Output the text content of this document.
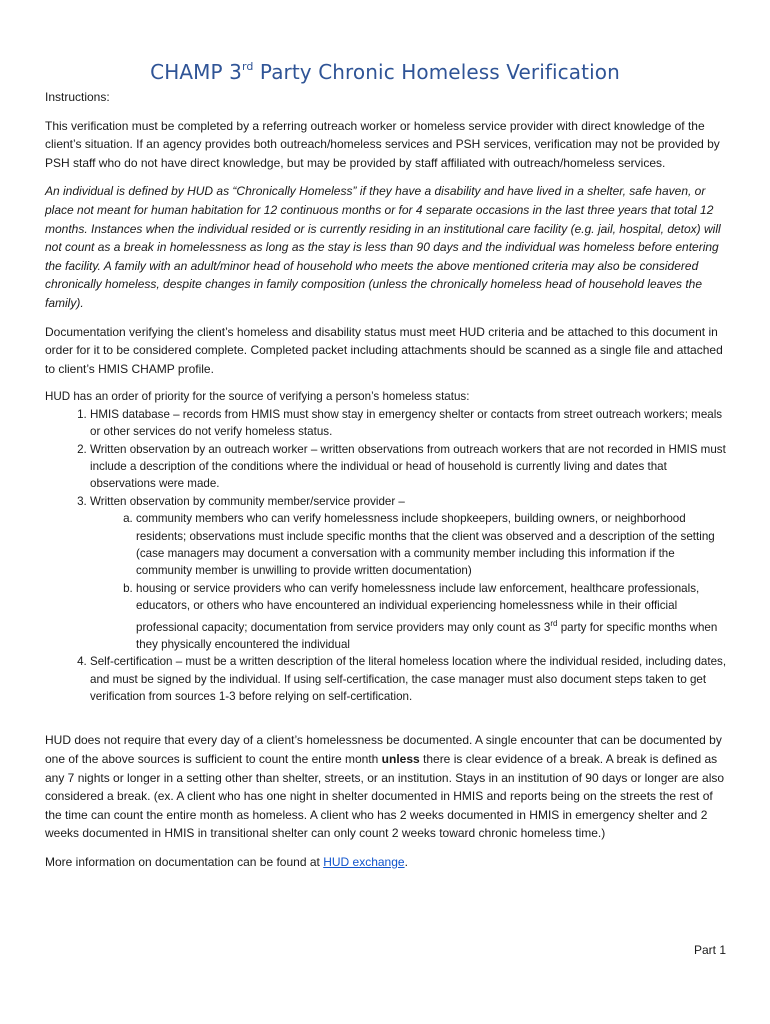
CHAMP 3rd Party Chronic Homeless Verification

Instructions:

This verification must be completed by a referring outreach worker or homeless service provider with direct knowledge of the client’s situation. If an agency provides both outreach/homeless services and PSH services, verification may not be provided by PSH staff who do not have direct knowledge, but may be provided by staff affiliated with outreach/homeless services.

An individual is defined by HUD as “Chronically Homeless” if they have a disability and have lived in a shelter, safe haven, or place not meant for human habitation for 12 continuous months or for 4 separate occasions in the last three years that total 12 months. Instances when the individual resided or is currently residing in an institutional care facility (e.g. jail, hospital, detox) will not count as a break in homelessness as long as the stay is less than 90 days and the individual was homeless before entering the facility. A family with an adult/minor head of household who meets the above mentioned criteria may also be considered chronically homeless, despite changes in family composition (unless the chronically homeless head of household leaves the family).

Documentation verifying the client’s homeless and disability status must meet HUD criteria and be attached to this document in order for it to be considered complete. Completed packet including attachments should be scanned as a single file and attached to client’s HMIS CHAMP profile.

HUD has an order of priority for the source of verifying a person’s homeless status:
1. HMIS database – records from HMIS must show stay in emergency shelter or contacts from street outreach workers; meals or other services do not verify homeless status.
2. Written observation by an outreach worker – written observations from outreach workers that are not recorded in HMIS must include a description of the conditions where the individual or head of household is currently living and dates that observations were made.
3. Written observation by community member/service provider –
a. community members who can verify homelessness include shopkeepers, building owners, or neighborhood residents; observations must include specific months that the client was observed and a description of the setting (case managers may document a conversation with a community member including this information if the community member is unwilling to provide written documentation)
b. housing or service providers who can verify homelessness include law enforcement, healthcare professionals, educators, or others who have encountered an individual experiencing homelessness while in their official professional capacity; documentation from service providers may only count as 3rd party for specific months when they physically encountered the individual
4. Self-certification – must be a written description of the literal homeless location where the individual resided, including dates, and must be signed by the individual. If using self-certification, the case manager must also document steps taken to get verification from sources 1-3 before relying on self-certification.

HUD does not require that every day of a client’s homelessness be documented. A single encounter that can be documented by one of the above sources is sufficient to count the entire month unless there is clear evidence of a break. A break is defined as any 7 nights or longer in a setting other than shelter, streets, or an institution. Stays in an institution of 90 days or longer are also considered a break. (ex. A client who has one night in shelter documented in HMIS and reports being on the streets the rest of the time can count the entire month as homeless. A client who has 2 weeks documented in HMIS in emergency shelter and 2 weeks documented in HMIS in transitional shelter can only count 2 weeks toward chronic homeless time.)

More information on documentation can be found at HUD exchange.

Part 1
